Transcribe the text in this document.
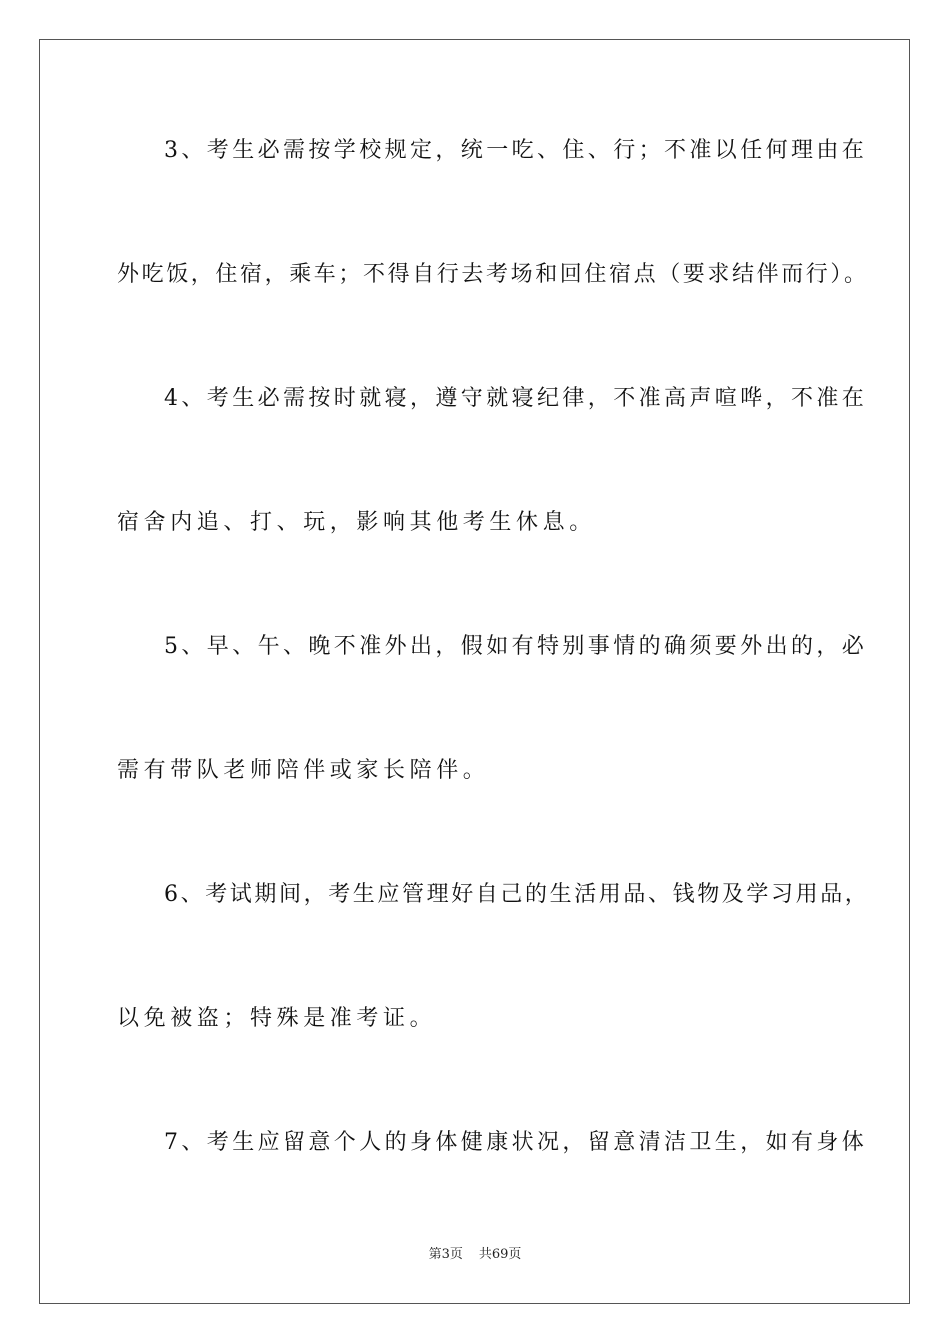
3、考生必需按学校规定，统一吃、住、行；不准以任何理由在
外吃饭，住宿，乘车；不得自行去考场和回住宿点（要求结伴而行）。
4、考生必需按时就寝，遵守就寝纪律，不准高声喧哗，不准在
宿舍内追、打、玩，影响其他考生休息。
5、早、午、晚不准外出，假如有特别事情的确须要外出的，必
需有带队老师陪伴或家长陪伴。
6、考试期间，考生应管理好自己的生活用品、钱物及学习用品，
以免被盗；特殊是准考证。
7、考生应留意个人的身体健康状况，留意清洁卫生，如有身体
第3页 共69页
